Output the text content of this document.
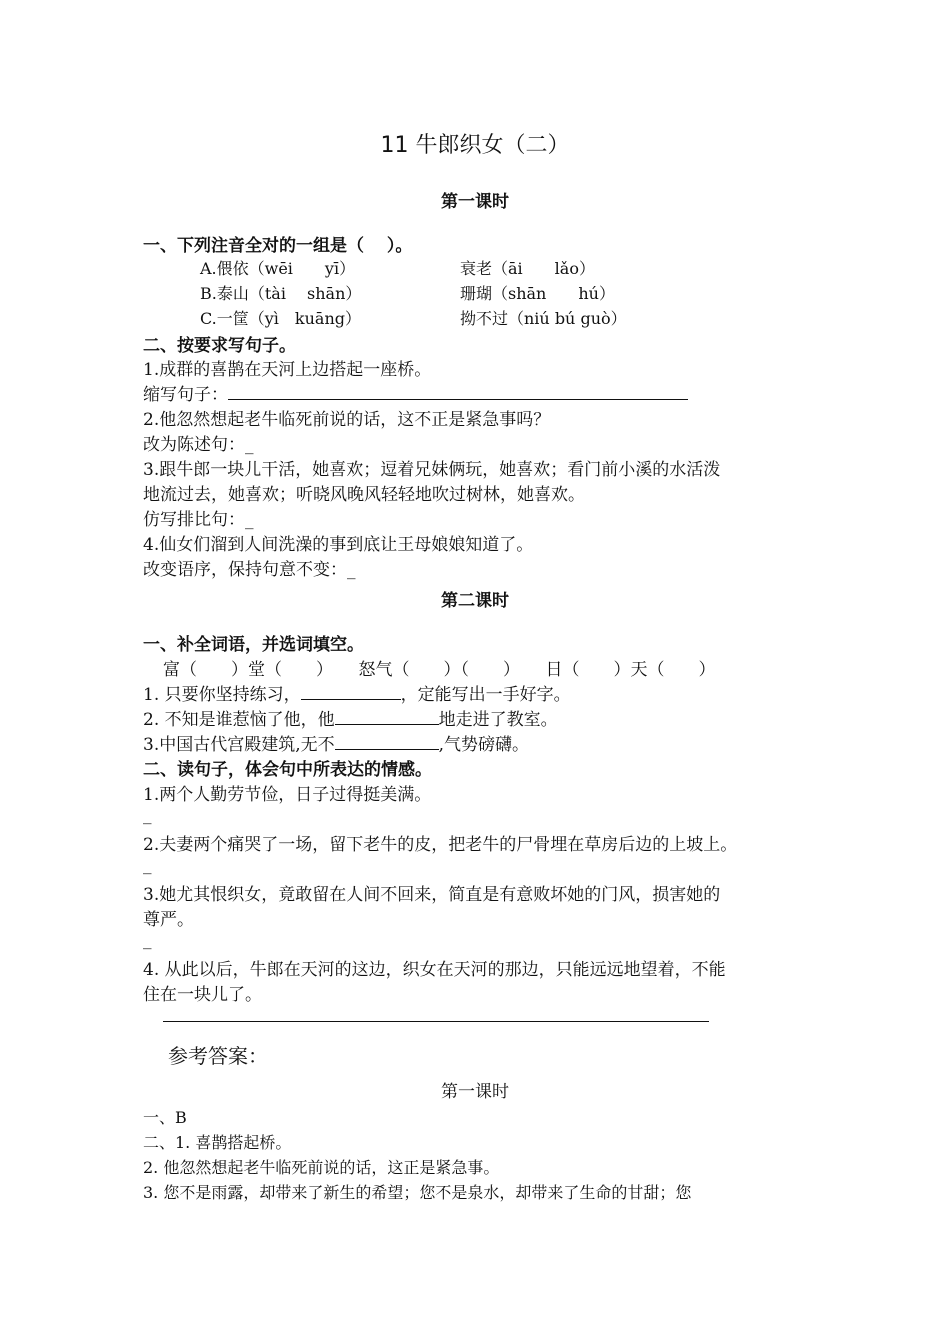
11 牛郎织女（二）
第一课时
一、下列注音全对的一组是（　 ）。
A.偎依（wēi　　yī）	衰老（āi　　lǎo）
B.泰山（tài　 shān）	珊瑚（shān　　hú）
C.一筐（yì　kuāng）	拗不过（niú bú guò）
二、按要求写句子。
1.成群的喜鹊在天河上边搭起一座桥。
缩写句子：
2.他忽然想起老牛临死前说的话，这不正是紧急事吗？
改为陈述句：_
3.跟牛郎一块儿干活，她喜欢；逗着兄妹俩玩，她喜欢；看门前小溪的水活泼
地流过去，她喜欢；听晓风晚风轻轻地吹过树林，她喜欢。
仿写排比句：_
4.仙女们溜到人间洗澡的事到底让王母娘娘知道了。
改变语序，保持句意不变：_
第二课时
一、补全词语，并选词填空。
富（　　）堂（　　）　　怒气（　　）（　　）　　日（　　）天（　　）
1. 只要你坚持练习，	，定能写出一手好字。
2. 不知是谁惹恼了他，他	地走进了教室。
3.中国古代宫殿建筑,无不	,气势磅礴。
二、读句子，体会句中所表达的情感。
1.两个人勤劳节俭，日子过得挺美满。
_
2.夫妻两个痛哭了一场，留下老牛的皮，把老牛的尸骨埋在草房后边的上坡上。
_
3.她尤其恨织女，竟敢留在人间不回来，简直是有意败坏她的门风，损害她的
尊严。
_
4. 从此以后，牛郎在天河的这边，织女在天河的那边，只能远远地望着，不能
住在一块儿了。
参考答案：
第一课时
一、B
二、1. 喜鹊搭起桥。
2. 他忽然想起老牛临死前说的话，这正是紧急事。
3. 您不是雨露，却带来了新生的希望；您不是泉水，却带来了生命的甘甜；您
